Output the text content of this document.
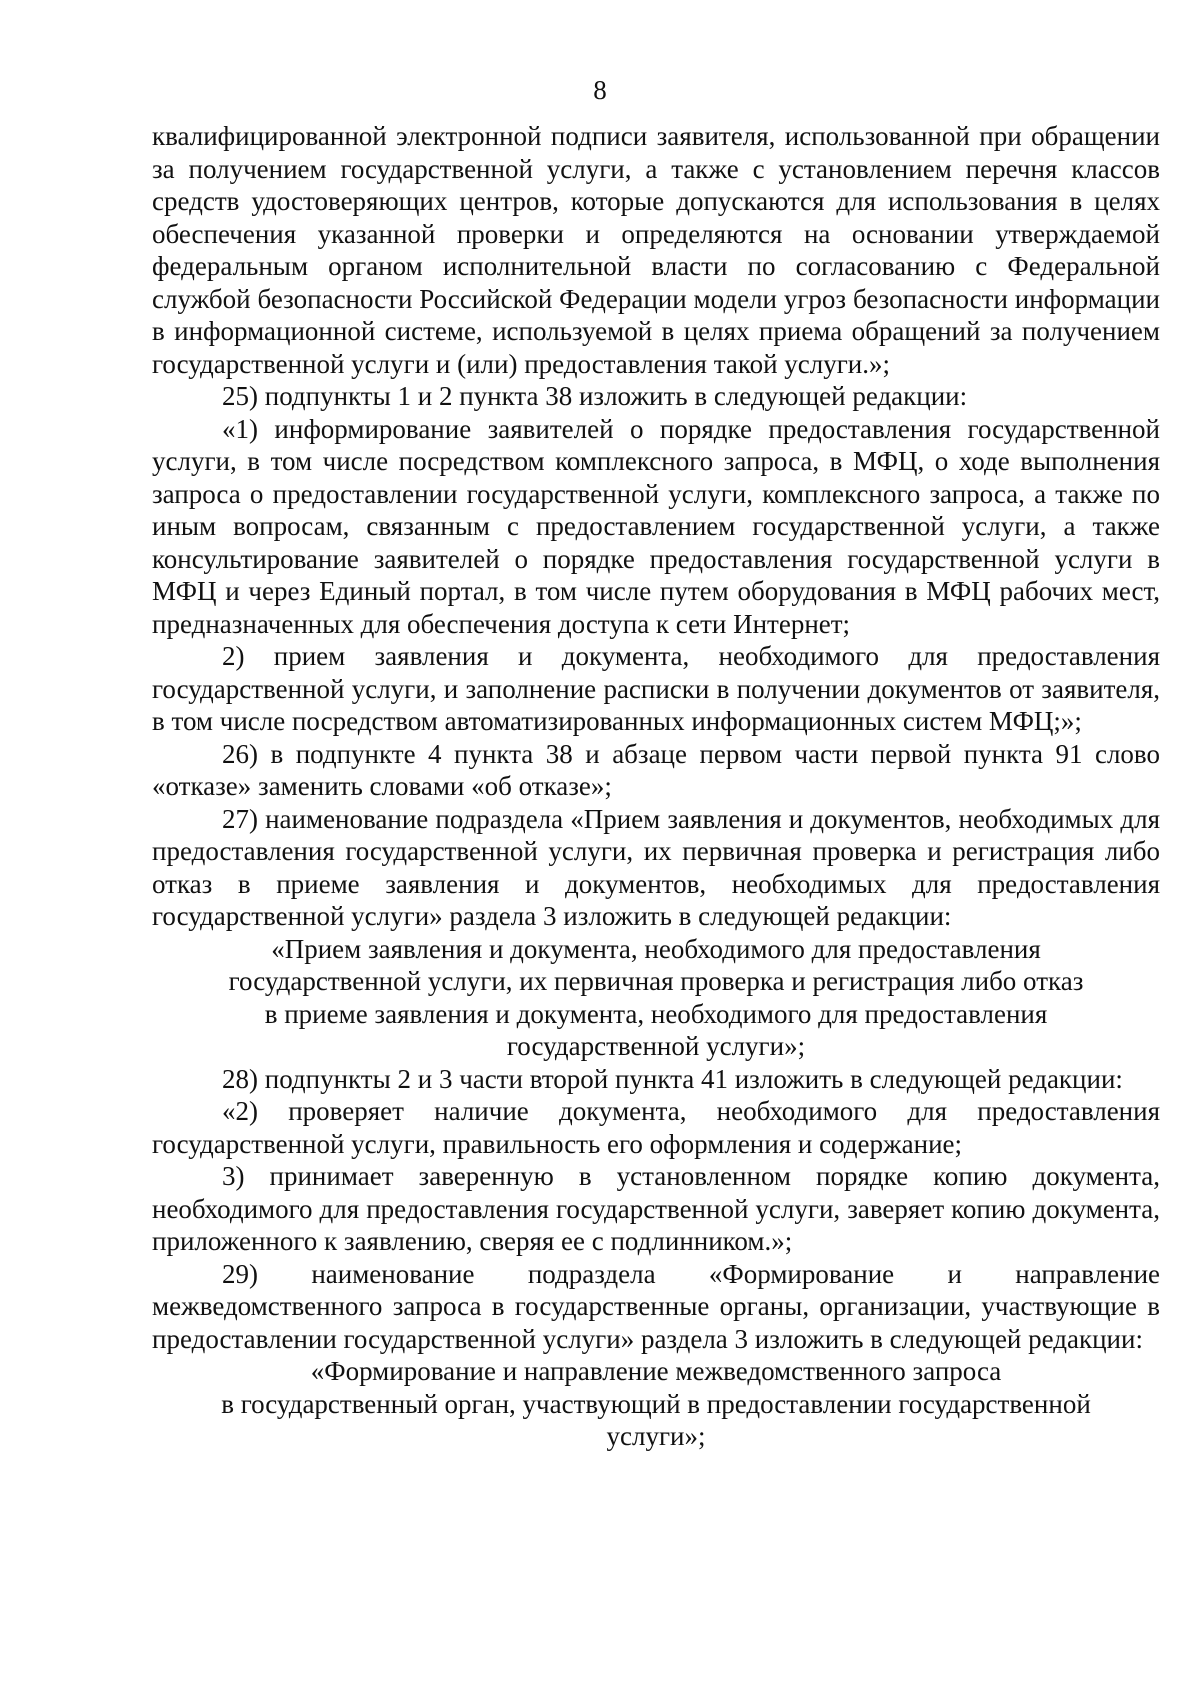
8

квалифицированной электронной подписи заявителя, использованной при обращении за получением государственной услуги, а также с установлением перечня классов средств удостоверяющих центров, которые допускаются для использования в целях обеспечения указанной проверки и определяются на основании утверждаемой федеральным органом исполнительной власти по согласованию с Федеральной службой безопасности Российской Федерации модели угроз безопасности информации в информационной системе, используемой в целях приема обращений за получением государственной услуги и (или) предоставления такой услуги.»;

25) подпункты 1 и 2 пункта 38 изложить в следующей редакции:

«1) информирование заявителей о порядке предоставления государственной услуги, в том числе посредством комплексного запроса, в МФЦ, о ходе выполнения запроса о предоставлении государственной услуги, комплексного запроса, а также по иным вопросам, связанным с предоставлением государственной услуги, а также консультирование заявителей о порядке предоставления государственной услуги в МФЦ и через Единый портал, в том числе путем оборудования в МФЦ рабочих мест, предназначенных для обеспечения доступа к сети Интернет;

2) прием заявления и документа, необходимого для предоставления государственной услуги, и заполнение расписки в получении документов от заявителя, в том числе посредством автоматизированных информационных систем МФЦ;»;

26) в подпункте 4 пункта 38 и абзаце первом части первой пункта 91 слово «отказе» заменить словами «об отказе»;

27) наименование подраздела «Прием заявления и документов, необходимых для предоставления государственной услуги, их первичная проверка и регистрация либо отказ в приеме заявления и документов, необходимых для предоставления государственной услуги» раздела 3 изложить в следующей редакции:

«Прием заявления и документа, необходимого для предоставления
государственной услуги, их первичная проверка и регистрация либо отказ
в приеме заявления и документа, необходимого для предоставления
государственной услуги»;

28) подпункты 2 и 3 части второй пункта 41 изложить в следующей редакции:

«2) проверяет наличие документа, необходимого для предоставления государственной услуги, правильность его оформления и содержание;

3) принимает заверенную в установленном порядке копию документа, необходимого для предоставления государственной услуги, заверяет копию документа, приложенного к заявлению, сверяя ее с подлинником.»;

29) наименование подраздела «Формирование и направление межведомственного запроса в государственные органы, организации, участвующие в предоставлении государственной услуги» раздела 3 изложить в следующей редакции:

«Формирование и направление межведомственного запроса
в государственный орган, участвующий в предоставлении государственной
услуги»;
